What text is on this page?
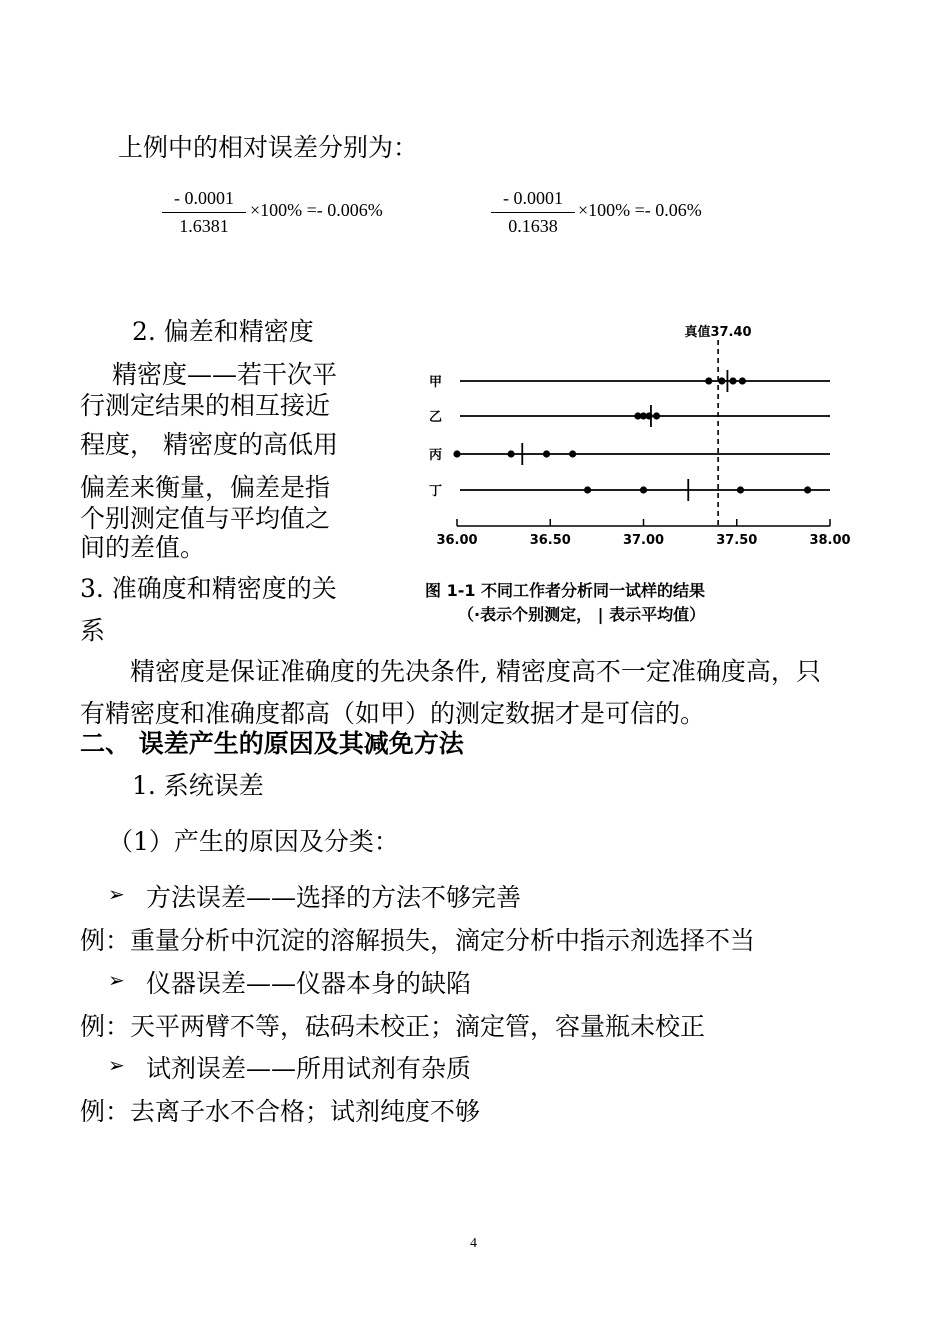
上例中的相对误差分别为：
- 0.0001
1.6381
×100% =- 0.006%
- 0.0001
0.1638
×100% =- 0.06%
2. 偏差和精密度
精密度——若干次平
行测定结果的相互接近
程度， 精密度的高低用
偏差来衡量，偏差是指
个别测定值与平均值之
间的差值。
3. 准确度和精密度的关
系
真值37.40
甲
乙
丙
丁
36.00	36.50	37.00	37.50	38.00
图 1-1 不同工作者分析同一试样的结果
（·表示个别测定， | 表示平均值）
精密度是保证准确度的先决条件, 精密度高不一定准确度高，只
有精密度和准确度都高（如甲）的测定数据才是可信的。
二、 误差产生的原因及其减免方法
1. 系统误差
（1）产生的原因及分类：
➢ 方法误差——选择的方法不够完善
例：重量分析中沉淀的溶解损失，滴定分析中指示剂选择不当
➢ 仪器误差——仪器本身的缺陷
例：天平两臂不等，砝码未校正；滴定管，容量瓶未校正
➢ 试剂误差——所用试剂有杂质
例：去离子水不合格；试剂纯度不够
4
